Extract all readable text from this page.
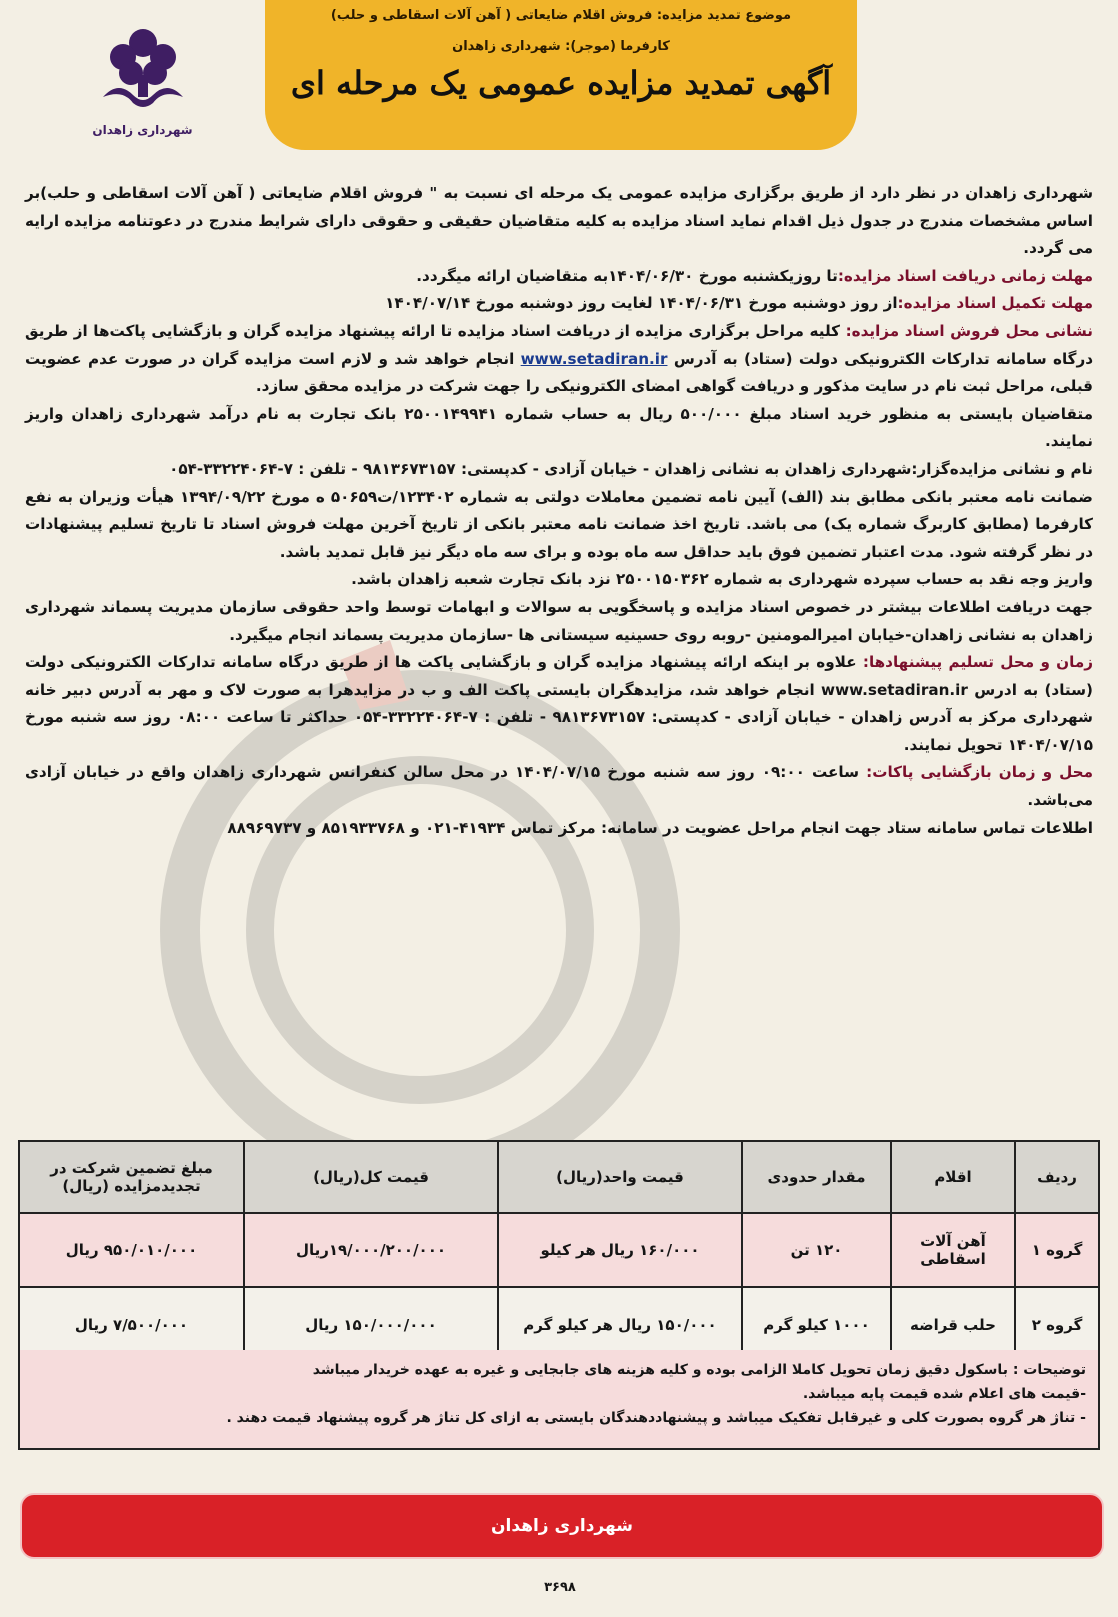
موضوع تمدید مزایده: فروش اقلام ضایعاتی ( آهن آلات اسقاطی و حلب)
کارفرما (موجر): شهرداری زاهدان
آگهی تمدید مزایده عمومی یک مرحله ای
شهرداری زاهدان

شهرداری زاهدان در نظر دارد از طریق برگزاری مزایده عمومی یک مرحله ای نسبت به " فروش اقلام ضایعاتی ( آهن آلات اسقاطی و حلب)بر اساس مشخصات مندرج در جدول ذیل اقدام نماید اسناد مزایده به کلیه متقاضیان حقیقی و حقوقی دارای شرایط مندرج در دعوتنامه مزایده ارایه می گردد.

مهلت زمانی دریافت اسناد مزایده:تا روزیکشنبه مورخ ۱۴۰۴/۰۶/۳۰به متقاضیان ارائه میگردد.

مهلت تکمیل اسناد مزایده:از روز دوشنبه مورخ ۱۴۰۴/۰۶/۳۱ لغایت روز دوشنبه مورخ ۱۴۰۴/۰۷/۱۴

نشانی محل فروش اسناد مزایده: کلیه مراحل برگزاری مزایده از دریافت اسناد مزایده تا ارائه پیشنهاد مزایده گران و بازگشایی پاکت‌ها از طریق درگاه سامانه تدارکات الکترونیکی دولت (ستاد) به آدرس www.setadiran.ir انجام خواهد شد و لازم است مزایده گران در صورت عدم عضویت قبلی، مراحل ثبت نام در سایت مذکور و دریافت گواهی امضای الکترونیکی را جهت شرکت در مزایده محقق سازد.

متقاضیان بایستی به منظور خرید اسناد مبلغ ۵۰۰/۰۰۰ ریال به حساب شماره ۲۵۰۰۱۴۹۹۴۱ بانک تجارت به نام درآمد شهرداری زاهدان واریز نمایند.

نام و نشانی مزایده‌گزار:شهرداری زاهدان به نشانی زاهدان - خیابان آزادی - کدپستی: ۹۸۱۳۶۷۳۱۵۷ - تلفن : ۷-۳۳۲۲۴۰۶۴-۰۵۴

ضمانت نامه معتبر بانکی مطابق بند (الف) آیین نامه تضمین معاملات دولتی به شماره ۱۲۳۴۰۲/ت۵۰۶۵۹ ه مورخ ۱۳۹۴/۰۹/۲۲ هیأت وزیران به نفع کارفرما (مطابق کاربرگ شماره یک) می باشد. تاریخ اخذ ضمانت نامه معتبر بانکی از تاریخ آخرین مهلت فروش اسناد تا تاریخ تسلیم پیشنهادات در نظر گرفته شود. مدت اعتبار تضمین فوق باید حداقل سه ماه بوده و برای سه ماه دیگر نیز قابل تمدید باشد.

واریز وجه نقد به حساب سپرده شهرداری به شماره ۲۵۰۰۱۵۰۳۶۲ نزد بانک تجارت شعبه زاهدان باشد.

جهت دریافت اطلاعات بیشتر در خصوص اسناد مزایده و پاسخگویی به سوالات و ابهامات توسط واحد حقوقی سازمان مدیریت پسماند شهرداری زاهدان به نشانی زاهدان-خیابان امیرالمومنین -روبه روی حسینیه سیستانی ها -سازمان مدیریت پسماند انجام میگیرد.

زمان و محل تسلیم پیشنهادها: علاوه بر اینکه ارائه پیشنهاد مزایده گران و بازگشایی پاکت ها از طریق درگاه سامانه تدارکات الکترونیکی دولت (ستاد) به ادرس www.setadiran.ir انجام خواهد شد، مزایدهگران بایستی پاکت الف و ب در مزایدهرا به صورت لاک و مهر به آدرس دبیر خانه شهرداری مرکز به آدرس زاهدان - خیابان آزادی - کدپستی: ۹۸۱۳۶۷۳۱۵۷ - تلفن : ۷-۳۳۲۲۴۰۶۴-۰۵۴ حداکثر تا ساعت ۰۸:۰۰ روز سه شنبه مورخ ۱۴۰۴/۰۷/۱۵ تحویل نمایند.

محل و زمان بازگشایی پاکات: ساعت ۰۹:۰۰ روز سه شنبه مورخ ۱۴۰۴/۰۷/۱۵ در محل سالن کنفرانس شهرداری زاهدان واقع در خیابان آزادی می‌باشد.

اطلاعات تماس سامانه ستاد جهت انجام مراحل عضویت در سامانه: مرکز تماس ۴۱۹۳۴-۰۲۱ و ۸۵۱۹۳۳۷۶۸ و ۸۸۹۶۹۷۳۷

ردیف	اقلام	مقدار حدودی	قیمت واحد(ریال)	قیمت کل(ریال)	مبلغ تضمین شرکت در تجدیدمزایده (ریال)
گروه ۱	آهن آلات اسقاطی	۱۲۰ تن	۱۶۰/۰۰۰ ریال هر کیلو	۱۹/۰۰۰/۲۰۰/۰۰۰ریال	۹۵۰/۰۱۰/۰۰۰ ریال
گروه ۲	حلب قراضه	۱۰۰۰ کیلو گرم	۱۵۰/۰۰۰ ریال هر کیلو گرم	۱۵۰/۰۰۰/۰۰۰ ریال	۷/۵۰۰/۰۰۰ ریال

توضیحات : باسکول دقیق زمان تحویل کاملا الزامی بوده و کلیه هزینه های جابجایی و غیره به عهده خریدار میباشد

-قیمت های اعلام شده قیمت پایه میباشد.

- تناژ هر گروه بصورت کلی و غیرقابل تفکیک میباشد و پیشنهاددهندگان بایستی به ازای کل تناژ هر گروه پیشنهاد قیمت دهند .

شهرداری زاهدان
۳۶۹۸
